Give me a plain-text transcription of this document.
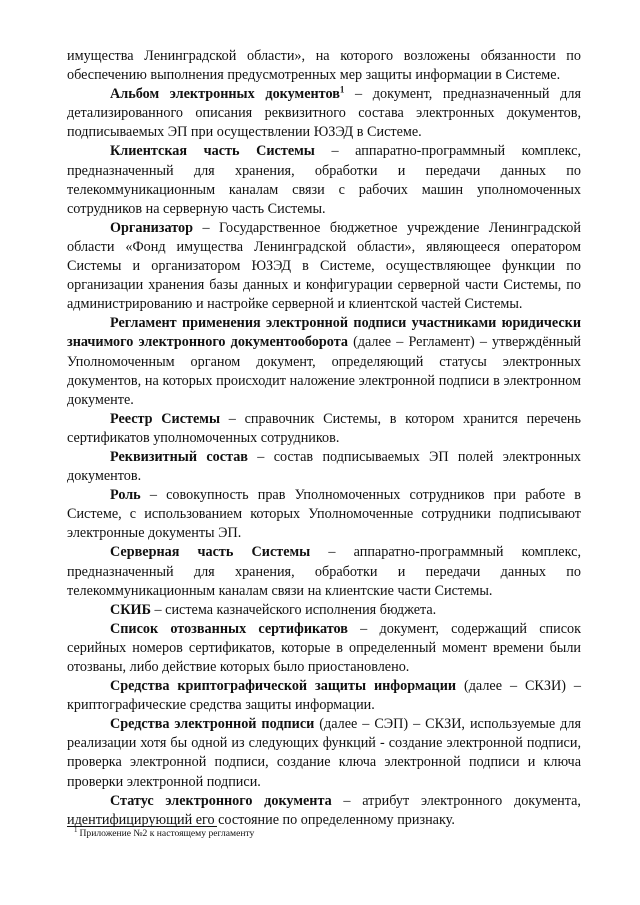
имущества Ленинградской области», на которого возложены обязанности по обеспечению выполнения предусмотренных мер защиты информации в Системе.

Альбом электронных документов$^1$ – документ, предназначенный для детализированного описания реквизитного состава электронных документов, подписываемых ЭП при осуществлении ЮЗЭД в Системе.

Клиентская часть Системы – аппаратно-программный комплекс, предназначенный для хранения, обработки и передачи данных по телекоммуникационным каналам связи с рабочих машин уполномоченных сотрудников на серверную часть Системы.

Организатор – Государственное бюджетное учреждение Ленинградской области «Фонд имущества Ленинградской области», являющееся оператором Системы и организатором ЮЗЭД в Системе, осуществляющее функции по организации хранения базы данных и конфигурации серверной части Системы, по администрированию и настройке серверной и клиентской частей Системы.

Регламент применения электронной подписи участниками юридически значимого электронного документооборота (далее – Регламент) – утверждённый Уполномоченным органом документ, определяющий статусы электронных документов, на которых происходит наложение электронной подписи в электронном документе.

Реестр Системы – справочник Системы, в котором хранится перечень сертификатов уполномоченных сотрудников.

Реквизитный состав – состав подписываемых ЭП полей электронных документов.

Роль – совокупность прав Уполномоченных сотрудников при работе в Системе, с использованием которых Уполномоченные сотрудники подписывают электронные документы ЭП.

Серверная часть Системы – аппаратно-программный комплекс, предназначенный для хранения, обработки и передачи данных по телекоммуникационным каналам связи на клиентские части Системы.

СКИБ – система казначейского исполнения бюджета.

Список отозванных сертификатов – документ, содержащий список серийных номеров сертификатов, которые в определенный момент времени были отозваны, либо действие которых было приостановлено.

Средства криптографической защиты информации (далее – СКЗИ) – криптографические средства защиты информации.

Средства электронной подписи (далее – СЭП) – СКЗИ, используемые для реализации хотя бы одной из следующих функций - создание электронной подписи, проверка электронной подписи, создание ключа электронной подписи и ключа проверки электронной подписи.

Статус электронного документа – атрибут электронного документа, идентифицирующий его состояние по определенному признаку.

$^1$ Приложение №2 к настоящему регламенту
